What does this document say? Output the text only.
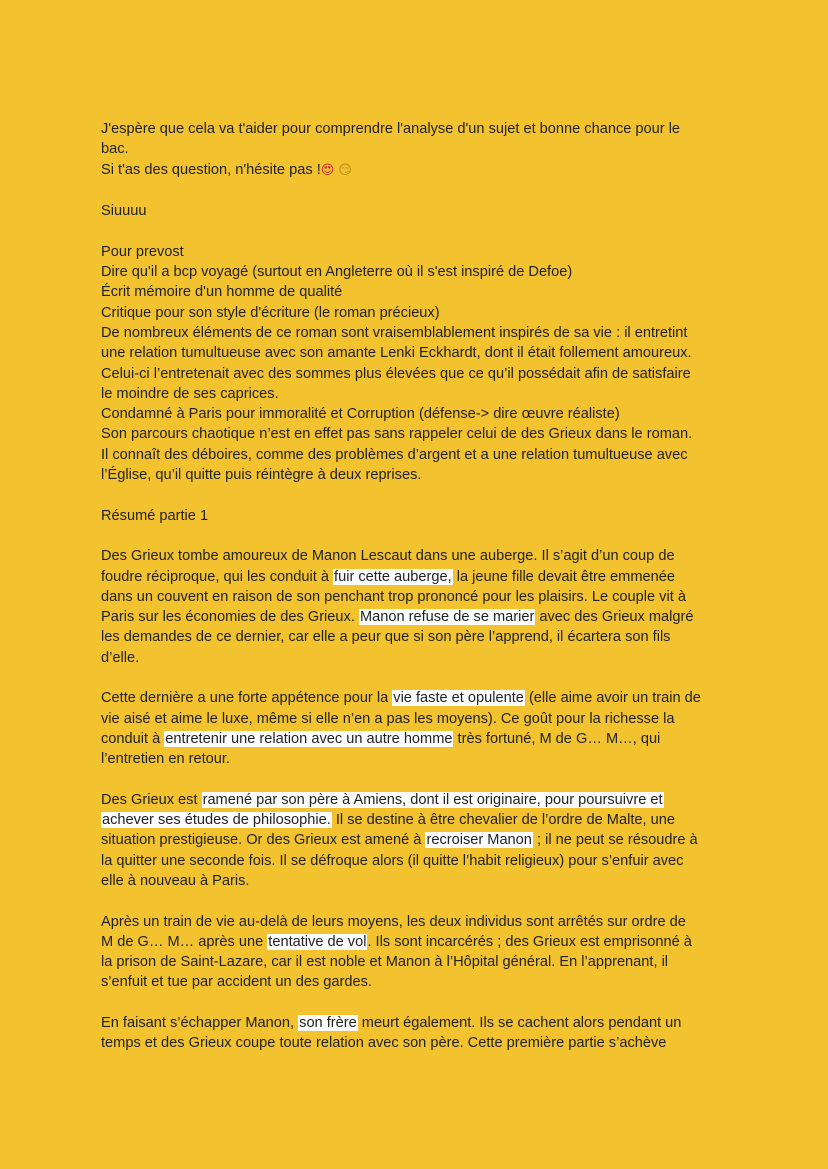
J'espère que cela va t'aider pour comprendre l'analyse d'un sujet et bonne chance pour le
bac.
Si t'as des question, n'hésite pas !😍 😏
Siuuuu
Pour prevost
Dire qu'il a bcp voyagé (surtout en Angleterre où il s'est inspiré de Defoe)
Écrit mémoire d'un homme de qualité
Critique pour son style d'écriture (le roman précieux)
De nombreux éléments de ce roman sont vraisemblablement inspirés de sa vie : il entretint
une relation tumultueuse avec son amante Lenki Eckhardt, dont il était follement amoureux.
Celui-ci l’entretenait avec des sommes plus élevées que ce qu’il possédait afin de satisfaire
le moindre de ses caprices.
Condamné à Paris pour immoralité et Corruption (défense-> dire œuvre réaliste)
Son parcours chaotique n’est en effet pas sans rappeler celui de des Grieux dans le roman.
Il connaît des déboires, comme des problèmes d’argent et a une relation tumultueuse avec
l’Église, qu’il quitte puis réintègre à deux reprises.
Résumé partie 1
Des Grieux tombe amoureux de Manon Lescaut dans une auberge. Il s’agit d’un coup de
foudre réciproque, qui les conduit à fuir cette auberge, la jeune fille devait être emmenée
dans un couvent en raison de son penchant trop prononcé pour les plaisirs. Le couple vit à
Paris sur les économies de des Grieux. Manon refuse de se marier avec des Grieux malgré
les demandes de ce dernier, car elle a peur que si son père l’apprend, il écartera son fils
d’elle.
Cette dernière a une forte appétence pour la vie faste et opulente (elle aime avoir un train de
vie aisé et aime le luxe, même si elle n’en a pas les moyens). Ce goût pour la richesse la
conduit à entretenir une relation avec un autre homme très fortuné, M de G… M…, qui
l’entretien en retour.
Des Grieux est ramené par son père à Amiens, dont il est originaire, pour poursuivre et
achever ses études de philosophie. Il se destine à être chevalier de l’ordre de Malte, une
situation prestigieuse. Or des Grieux est amené à recroiser Manon ; il ne peut se résoudre à
la quitter une seconde fois. Il se défroque alors (il quitte l’habit religieux) pour s’enfuir avec
elle à nouveau à Paris.
Après un train de vie au-delà de leurs moyens, les deux individus sont arrêtés sur ordre de
M de G… M… après une tentative de vol. Ils sont incarcérés ; des Grieux est emprisonné à
la prison de Saint-Lazare, car il est noble et Manon à l’Hôpital général. En l’apprenant, il
s’enfuit et tue par accident un des gardes.
En faisant s’échapper Manon, son frère meurt également. Ils se cachent alors pendant un
temps et des Grieux coupe toute relation avec son père. Cette première partie s’achève
